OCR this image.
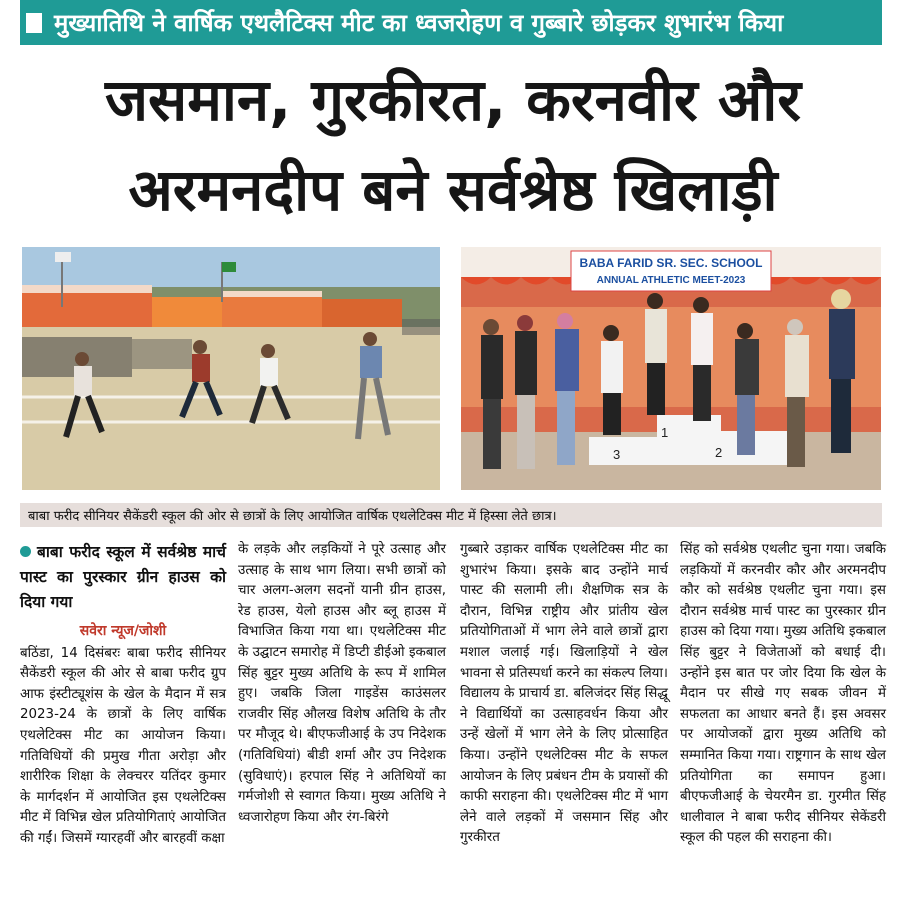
मुख्यातिथि ने वार्षिक एथलैटिक्स मीट का ध्वजरोहण व गुब्बारे छोड़कर शुभारंभ किया
जसमान, गुरकीरत, करनवीर और
अरमनदीप बने सर्वश्रेष्ठ खिलाड़ी
BABA FARID SR. SEC. SCHOOL
ANNUAL ATHLETIC MEET-2023
3
1
2
बाबा फरीद सीनियर सैकेंडरी स्कूल की ओर से छात्रों के लिए आयोजित वार्षिक एथलेटिक्स मीट में हिस्सा लेते छात्र।
बाबा फरीद स्कूल में सर्वश्रेष्ठ मार्च पास्ट का पुरस्कार ग्रीन हाउस को दिया गया
सवेरा न्यूज/जोशी

बठिंडा, 14 दिसंबरः बाबा फरीद सीनियर सैकेंडरी स्कूल की ओर से बाबा फरीद ग्रुप आफ इंस्टीट्यूशंस के खेल के मैदान में सत्र 2023-24 के छात्रों के लिए वार्षिक एथलेटिक्स मीट का आयोजन किया। गतिविधियों की प्रमुख गीता अरोड़ा और शारीरिक शिक्षा के लेक्चरर यतिंदर कुमार के मार्गदर्शन में आयोजित इस एथलेटिक्स मीट में विभिन्न खेल प्रतियोगिताएं आयोजित की गईं। जिसमें ग्यारहवीं और बारहवीं कक्षा

के लड़के और लड़कियों ने पूरे उत्साह और उत्साह के साथ भाग लिया। सभी छात्रों को चार अलग-अलग सदनों यानी ग्रीन हाउस, रेड हाउस, येलो हाउस और ब्लू हाउस में विभाजित किया गया था। एथलेटिक्स मीट के उद्घाटन समारोह में डिप्टी डीईओ इकबाल सिंह बुट्टर मुख्य अतिथि के रूप में शामिल हुए। जबकि जिला गाइडेंस काउंसलर राजवीर सिंह औलख विशेष अतिथि के तौर पर मौजूद थे। बीएफजीआई के उप निदेशक (गतिविधियां) बीडी शर्मा और उप निदेशक (सुविधाएं)। हरपाल सिंह ने अतिथियों का गर्मजोशी से स्वागत किया। मुख्य अतिथि ने ध्वजारोहण किया और रंग-बिरंगे

गुब्बारे उड़ाकर वार्षिक एथलेटिक्स मीट का शुभारंभ किया। इसके बाद उन्होंने मार्च पास्ट की सलामी ली। शैक्षणिक सत्र के दौरान, विभिन्न राष्ट्रीय और प्रांतीय खेल प्रतियोगिताओं में भाग लेने वाले छात्रों द्वारा मशाल जलाई गई। खिलाड़ियों ने खेल भावना से प्रतिस्पर्धा करने का संकल्प लिया। विद्यालय के प्राचार्य डा. बलिजंदर सिंह सिद्धू ने विद्यार्थियों का उत्साहवर्धन किया और उन्हें खेलों में भाग लेने के लिए प्रोत्साहित किया। उन्होंने एथलेटिक्स मीट के सफल आयोजन के लिए प्रबंधन टीम के प्रयासों की काफी सराहना की। एथलेटिक्स मीट में भाग लेने वाले लड़कों में जसमान सिंह और गुरकीरत

सिंह को सर्वश्रेष्ठ एथलीट चुना गया। जबकि लड़कियों में करनवीर कौर और अरमनदीप कौर को सर्वश्रेष्ठ एथलीट चुना गया। इस दौरान सर्वश्रेष्ठ मार्च पास्ट का पुरस्कार ग्रीन हाउस को दिया गया। मुख्य अतिथि इकबाल सिंह बुट्टर ने विजेताओं को बधाई दी। उन्होंने इस बात पर जोर दिया कि खेल के मैदान पर सीखे गए सबक जीवन में सफलता का आधार बनते हैं। इस अवसर पर आयोजकों द्वारा मुख्य अतिथि को सम्मानित किया गया। राष्ट्रगान के साथ खेल प्रतियोगिता का समापन हुआ। बीएफजीआई के चेयरमैन डा. गुरमीत सिंह धालीवाल ने बाबा फरीद सीनियर सेकेंडरी स्कूल की पहल की सराहना की।
